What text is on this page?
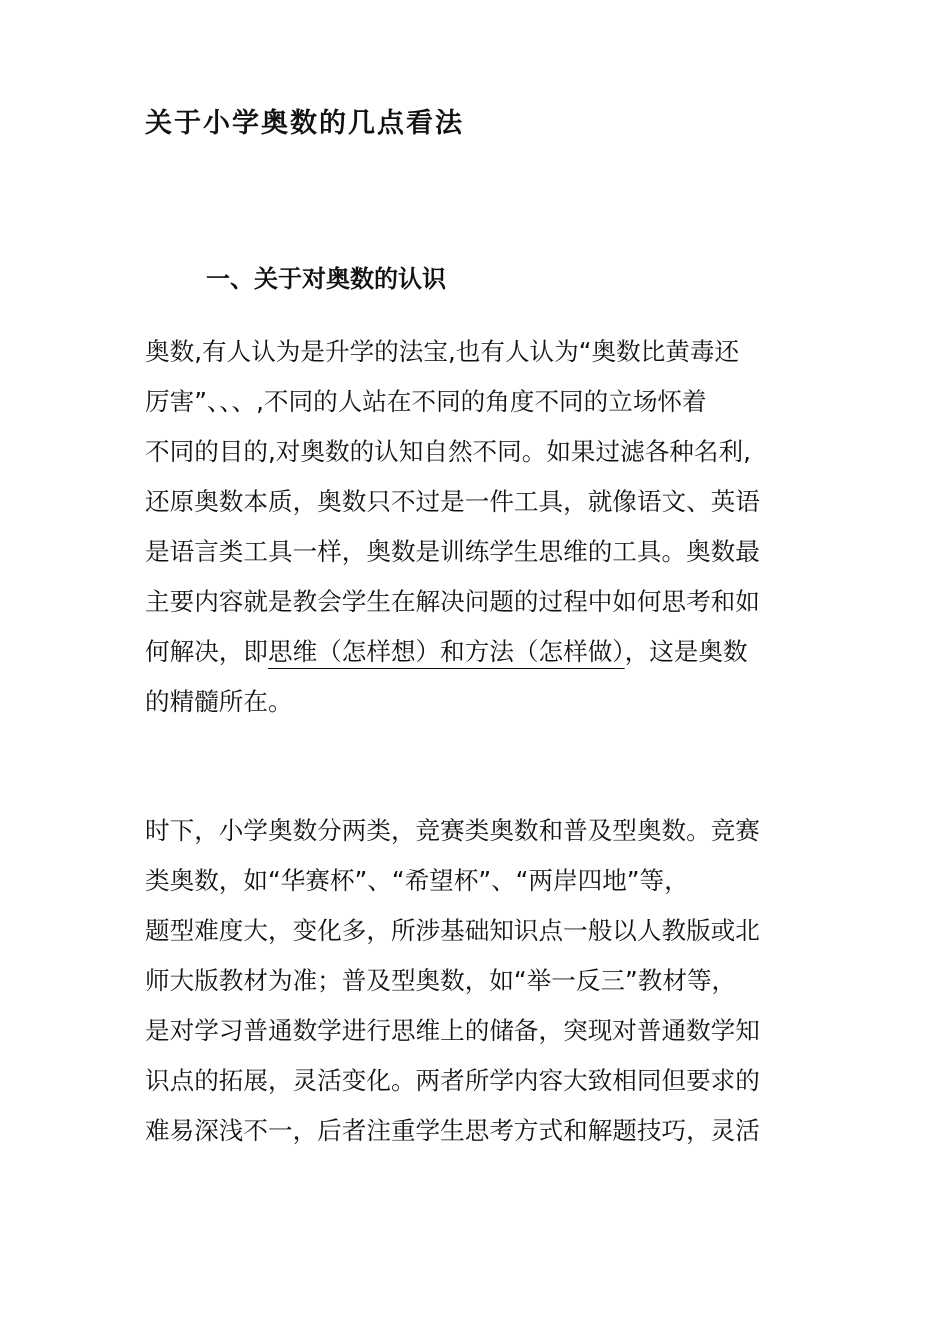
关于小学奥数的几点看法
一、关于对奥数的认识
奥数,有人认为是升学的法宝,也有人认为“奥数比黄毒还
厉害”、、、,不同的人站在不同的角度不同的立场怀着
不同的目的,对奥数的认知自然不同。如果过滤各种名利,
还原奥数本质，奥数只不过是一件工具，就像语文、英语
是语言类工具一样，奥数是训练学生思维的工具。奥数最
主要内容就是教会学生在解决问题的过程中如何思考和如
何解决，即思维（怎样想）和方法（怎样做），这是奥数
的精髓所在。
时下，小学奥数分两类，竞赛类奥数和普及型奥数。竞赛
类奥数，如“华赛杯”、“希望杯”、“两岸四地”等，
题型难度大，变化多，所涉基础知识点一般以人教版或北
师大版教材为准；普及型奥数，如“举一反三”教材等，
是对学习普通数学进行思维上的储备，突现对普通数学知
识点的拓展，灵活变化。两者所学内容大致相同但要求的
难易深浅不一，后者注重学生思考方式和解题技巧，灵活
